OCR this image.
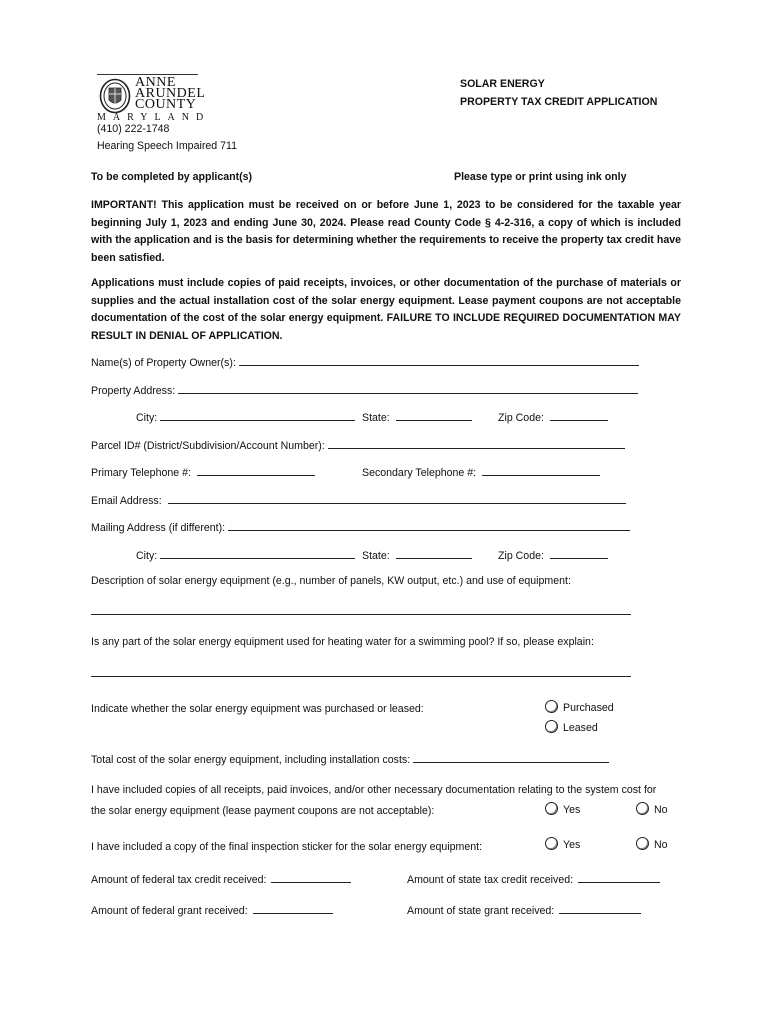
ANNE
ARUNDEL
COUNTY
MARYLAND
(410) 222-1748
Hearing Speech Impaired 711
SOLAR ENERGY
PROPERTY TAX CREDIT APPLICATION
To be completed by applicant(s)	Please type or print using ink only
IMPORTANT! This application must be received on or before June 1, 2023 to be considered for the taxable year beginning July 1, 2023 and ending June 30, 2024. Please read County Code § 4-2-316, a copy of which is included with the application and is the basis for determining whether the requirements to receive the property tax credit have been satisfied.
Applications must include copies of paid receipts, invoices, or other documentation of the purchase of materials or supplies and the actual installation cost of the solar energy equipment. Lease payment coupons are not acceptable documentation of the cost of the solar energy equipment. FAILURE TO INCLUDE REQUIRED DOCUMENTATION MAY RESULT IN DENIAL OF APPLICATION.
Name(s) of Property Owner(s):
Property Address:
City:	State:	Zip Code:
Parcel ID# (District/Subdivision/Account Number):
Primary Telephone #:	Secondary Telephone #:
Email Address:
Mailing Address (if different):
City:	State:	Zip Code:
Description of solar energy equipment (e.g., number of panels, KW output, etc.) and use of equipment:
Is any part of the solar energy equipment used for heating water for a swimming pool? If so, please explain:
Indicate whether the solar energy equipment was purchased or leased:	Purchased
Leased
Total cost of the solar energy equipment, including installation costs:
I have included copies of all receipts, paid invoices, and/or other necessary documentation relating to the system cost for
the solar energy equipment (lease payment coupons are not acceptable):	Yes	No
I have included a copy of the final inspection sticker for the solar energy equipment:	Yes	No
Amount of federal tax credit received:	Amount of state tax credit received:
Amount of federal grant received:	Amount of state grant received:
